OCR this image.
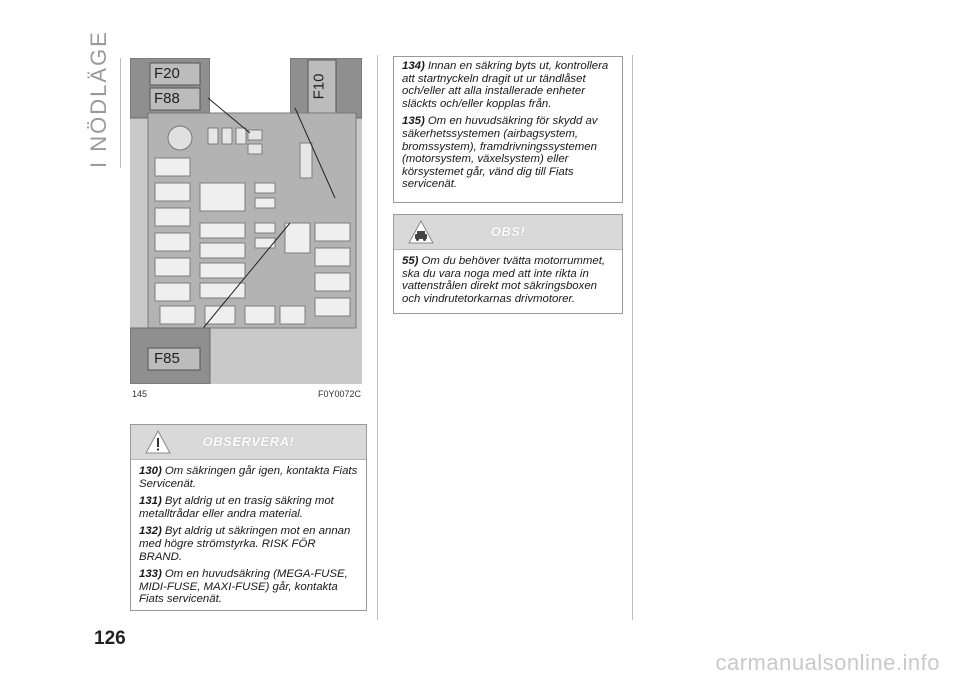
I NÖDLÄGE	F20
F88	F10
F85
145	F0Y0072C
OBSERVERA!

130) Om säkringen går igen, kontakta Fiats Servicenät.

131) Byt aldrig ut en trasig säkring mot metalltrådar eller andra material.

132) Byt aldrig ut säkringen mot en annan med högre strömstyrka. RISK FÖR BRAND.

133) Om en huvudsäkring (MEGA-FUSE, MIDI-FUSE, MAXI-FUSE) går, kontakta Fiats servicenät.

134) Innan en säkring byts ut, kontrollera att startnyckeln dragit ut ur tändlåset och/eller att alla installerade enheter släckts och/eller kopplas från.

135) Om en huvudsäkring för skydd av säkerhetssystemen (airbagsystem, bromssystem), framdrivningssystemen (motorsystem, växelsystem) eller körsystemet går, vänd dig till Fiats servicenät.

OBS!

55) Om du behöver tvätta motorrummet, ska du vara noga med att inte rikta in vattenstrålen direkt mot säkringsboxen och vindrutetorkarnas drivmotorer.

126
carmanualsonline.info
